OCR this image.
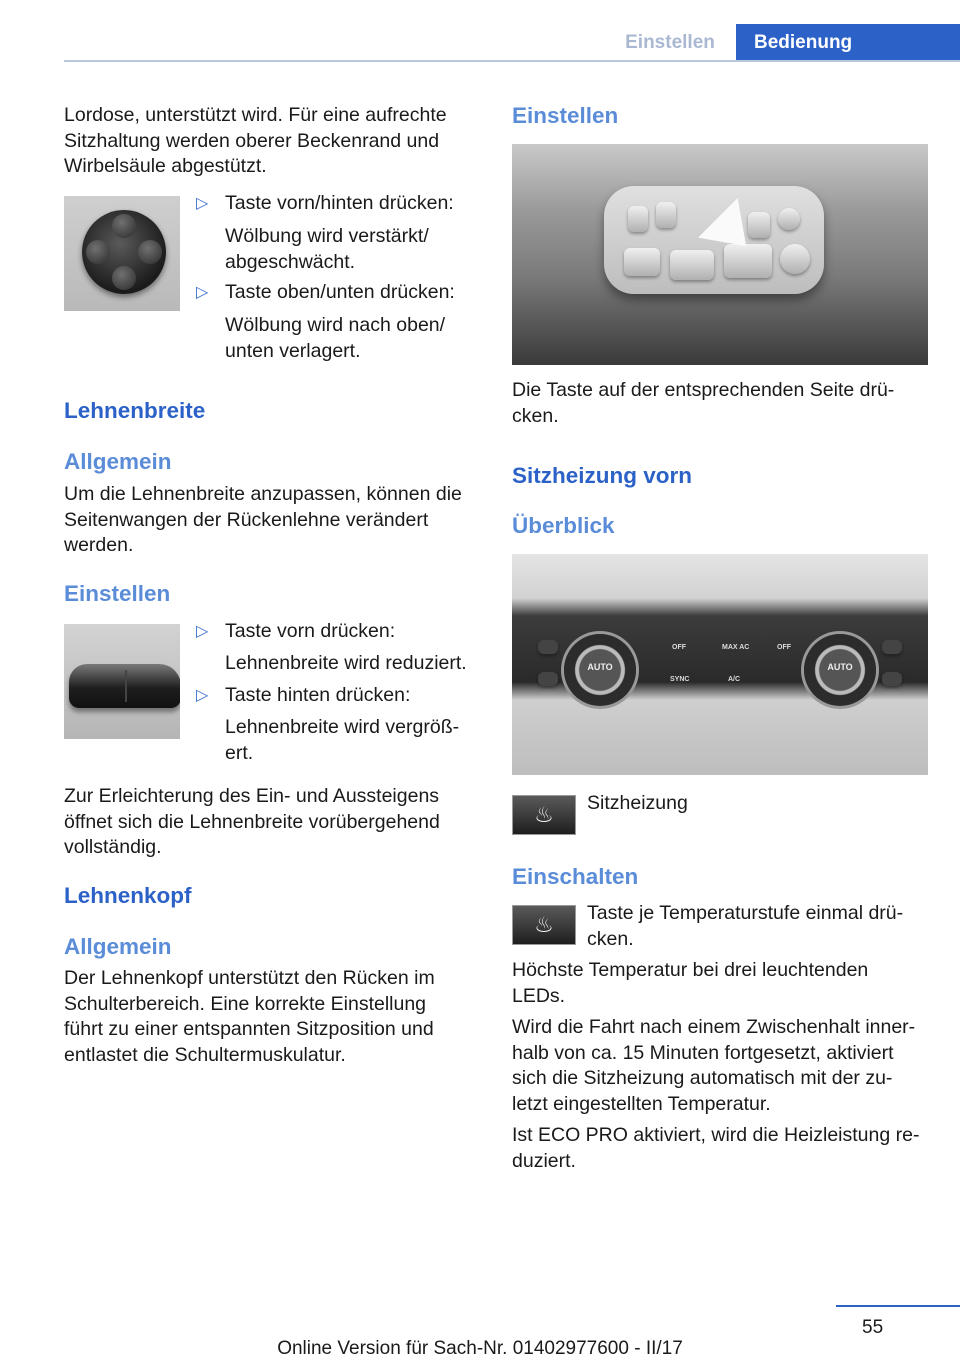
Einstellen	Bedienung
Lordose, unterstützt wird. Für eine aufrechte
Sitzhaltung werden oberer Beckenrand und
Wirbelsäule abgestützt.
▷ Taste vorn/hinten drücken:
Wölbung wird verstärkt/
abgeschwächt.
▷ Taste oben/unten drücken:
Wölbung wird nach oben/
unten verlagert.
Lehnenbreite
Allgemein
Um die Lehnenbreite anzupassen, können die
Seitenwangen der Rückenlehne verändert
werden.
Einstellen
▷ Taste vorn drücken:
Lehnenbreite wird reduziert.
▷ Taste hinten drücken:
Lehnenbreite wird vergröß-
ert.
Zur Erleichterung des Ein- und Aussteigens
öffnet sich die Lehnenbreite vorübergehend
vollständig.
Lehnenkopf
Allgemein
Der Lehnenkopf unterstützt den Rücken im
Schulterbereich. Eine korrekte Einstellung
führt zu einer entspannten Sitzposition und
entlastet die Schultermuskulatur.
Einstellen
Die Taste auf der entsprechenden Seite drü-
cken.
Sitzheizung vorn
Überblick
AUTO	AUTO
OFF	MAX AC	OFF
SYNC	A/C
♨	Sitzheizung
Einschalten
♨	Taste je Temperaturstufe einmal drü-
cken.
Höchste Temperatur bei drei leuchtenden
LEDs.
Wird die Fahrt nach einem Zwischenhalt inner-
halb von ca. 15 Minuten fortgesetzt, aktiviert
sich die Sitzheizung automatisch mit der zu-
letzt eingestellten Temperatur.
Ist ECO PRO aktiviert, wird die Heizleistung re-
duziert.
55
Online Version für Sach-Nr. 01402977600 - II/17
